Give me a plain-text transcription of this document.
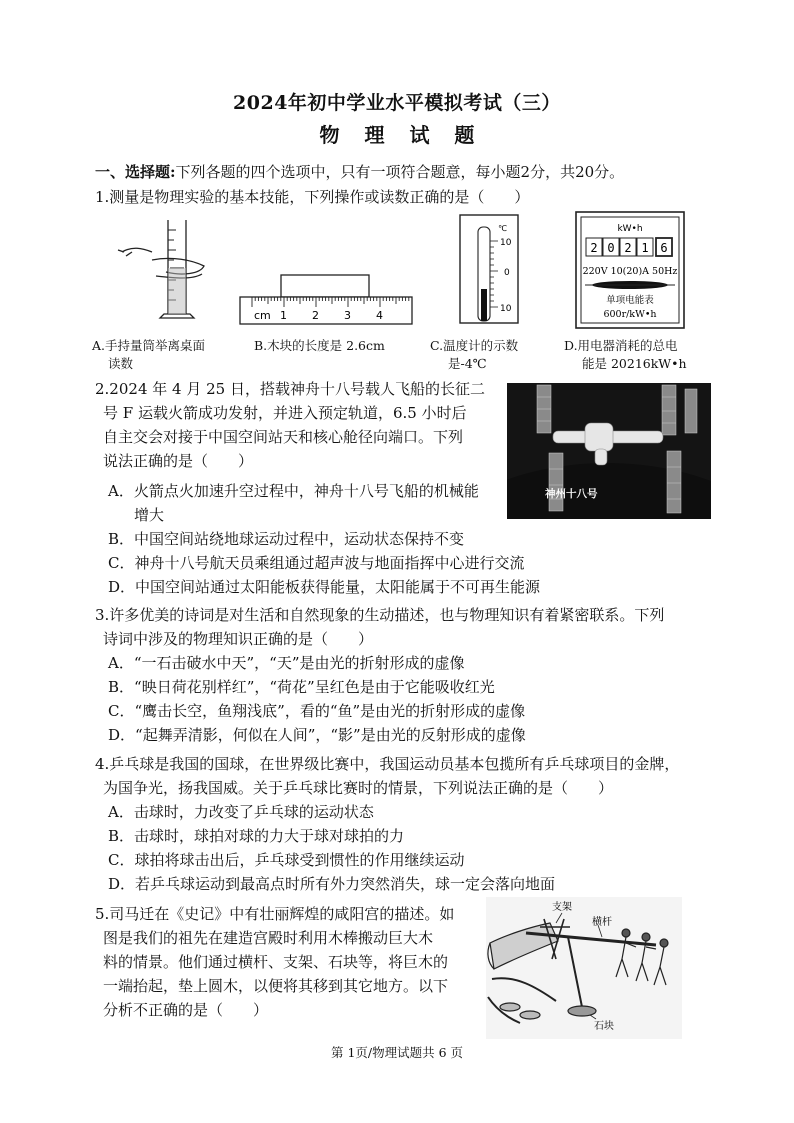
2024年初中学业水平模拟考试（三）
物 理 试 题
一、选择题:下列各题的四个选项中，只有一项符合题意，每小题2分，共20分。
1.测量是物理实验的基本技能，下列操作或读数正确的是（　　）
cm 1 2 3 4
℃
10
0
10
kW•h
2 0 2 1 6
220V 10(20)A 50Hz
单项电能表
600r/kW•h
A.手持量筒举离桌面
读数
B.木块的长度是 2.6cm	C.温度计的示数
是-4℃
D.用电器消耗的总电
能是 20216kW•h
2.2024 年 4 月 25 日，搭载神舟十八号载人飞船的长征二
号 F 运载火箭成功发射，并进入预定轨道，6.5 小时后
自主交会对接于中国空间站天和核心舱径向端口。下列
说法正确的是（　　）
A．火箭点火加速升空过程中，神舟十八号飞船的机械能
增大
B．中国空间站绕地球运动过程中，运动状态保持不变
C．神舟十八号航天员乘组通过超声波与地面指挥中心进行交流
D．中国空间站通过太阳能板获得能量，太阳能属于不可再生能源
神州十八号
3.许多优美的诗词是对生活和自然现象的生动描述，也与物理知识有着紧密联系。下列
诗词中涉及的物理知识正确的是（　　）
A．“一石击破水中天”，“天”是由光的折射形成的虚像
B．“映日荷花别样红”，“荷花”呈红色是由于它能吸收红光
C．“鹰击长空，鱼翔浅底”，看的“鱼”是由光的折射形成的虚像
D．“起舞弄清影，何似在人间”，“影”是由光的反射形成的虚像
4.乒乓球是我国的国球，在世界级比赛中，我国运动员基本包揽所有乒乓球项目的金牌，
为国争光，扬我国威。关于乒乓球比赛时的情景，下列说法正确的是（　　）
A．击球时，力改变了乒乓球的运动状态
B．击球时，球拍对球的力大于球对球拍的力
C．球拍将球击出后，乒乓球受到惯性的作用继续运动
D．若乒乓球运动到最高点时所有外力突然消失，球一定会落向地面
5.司马迁在《史记》中有壮丽辉煌的咸阳宫的描述。如
图是我们的祖先在建造宫殿时利用木棒搬动巨大木
料的情景。他们通过横杆、支架、石块等，将巨木的
一端抬起，垫上圆木，以便将其移到其它地方。以下
分析不正确的是（　　）
支架
横杆
石块
第 1页/物理试题共 6 页
